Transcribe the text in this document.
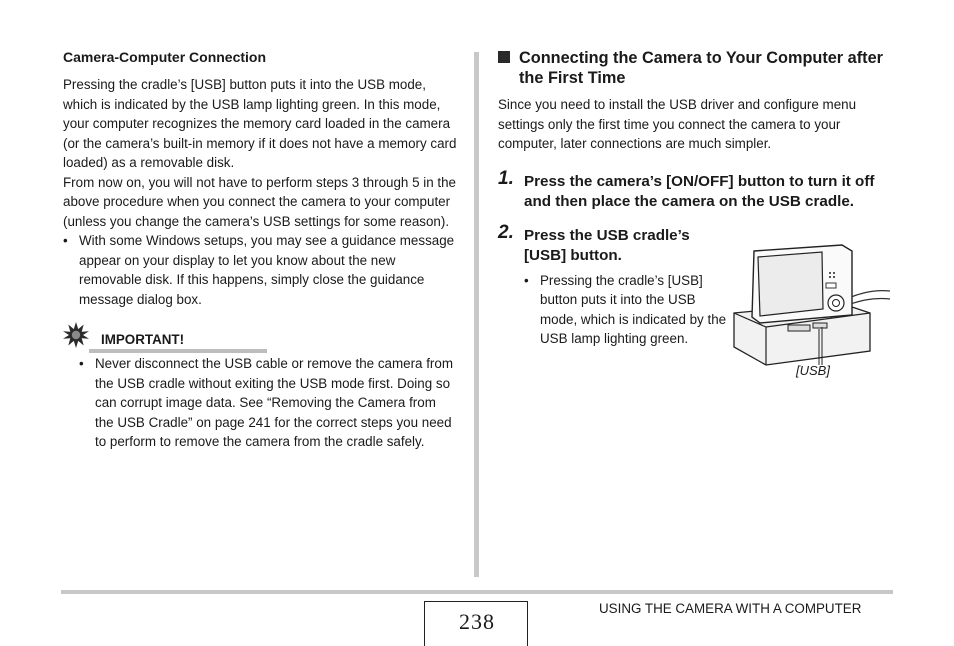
Camera-Computer Connection

Pressing the cradle’s [USB] button puts it into the USB mode, which is indicated by the USB lamp lighting green. In this mode, your computer recognizes the memory card loaded in the camera (or the camera’s built-in memory if it does not have a memory card loaded) as a removable disk.

From now on, you will not have to perform steps 3 through 5 in the above procedure when you connect the camera to your computer (unless you change the camera’s USB settings for some reason).

• With some Windows setups, you may see a guidance message appear on your display to let you know about the new removable disk. If this happens, simply close the guidance message dialog box.
IMPORTANT!
• Never disconnect the USB cable or remove the camera from the USB cradle without exiting the USB mode first. Doing so can corrupt image data. See “Removing the Camera from the USB Cradle” on page 241 for the correct steps you need to perform to remove the camera from the cradle safely.
Connecting the Camera to Your Computer after the First Time

Since you need to install the USB driver and configure menu settings only the first time you connect the camera to your computer, later connections are much simpler.

1. Press the camera’s [ON/OFF] button to turn it off and then place the camera on the USB cradle.
2. Press the USB cradle’s [USB] button.
• Pressing the cradle’s [USB] button puts it into the USB mode, which is indicated by the USB lamp lighting green.
[USB]
238
USING THE CAMERA WITH A COMPUTER
